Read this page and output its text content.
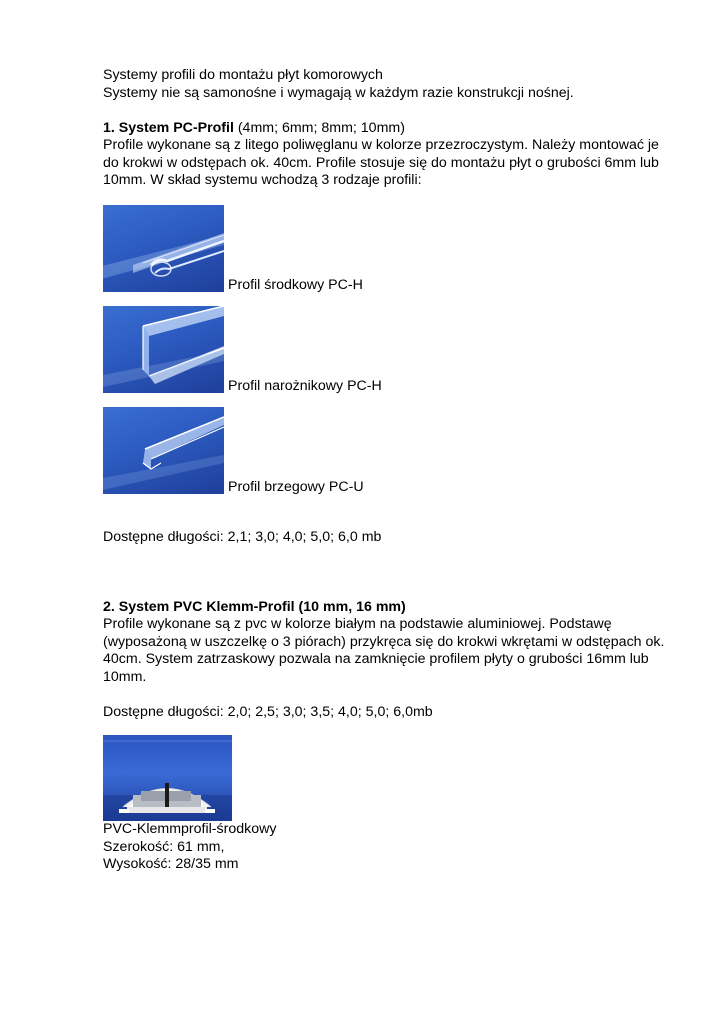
Systemy profili do montażu płyt komorowych

Systemy nie są samonośne i wymagają w każdym razie konstrukcji nośnej.

1. System PC-Profil (4mm; 6mm; 8mm; 10mm)

Profile wykonane są z litego poliwęglanu w kolorze przezroczystym. Należy montować je

do krokwi w odstępach ok. 40cm. Profile stosuje się do montażu płyt o grubości 6mm lub

10mm. W skład systemu wchodzą 3 rodzaje profili:

Profil środkowy PC-H
Profil narożnikowy PC-H
Profil brzegowy PC-U

Dostępne długości: 2,1; 3,0; 4,0; 5,0; 6,0 mb

2. System PVC Klemm-Profil (10 mm, 16 mm)

Profile wykonane są z pvc w kolorze białym na podstawie aluminiowej. Podstawę

(wyposażoną w uszczelkę o 3 piórach) przykręca się do krokwi wkrętami w odstępach ok.

40cm. System zatrzaskowy pozwala na zamknięcie profilem płyty o grubości 16mm lub

10mm.

Dostępne długości: 2,0; 2,5; 3,0; 3,5; 4,0; 5,0; 6,0mb

PVC-Klemmprofil-środkowy

Szerokość: 61 mm,

Wysokość: 28/35 mm
